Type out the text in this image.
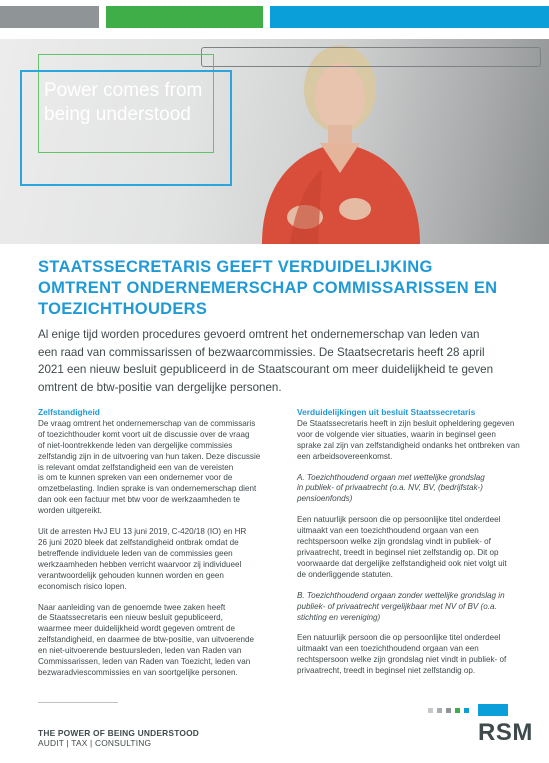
Power comes from
being understood
STAATSSECRETARIS GEEFT VERDUIDELIJKING
OMTRENT ONDERNEMERSCHAP COMMISSARISSEN EN
TOEZICHTHOUDERS
Al enige tijd worden procedures gevoerd omtrent het ondernemerschap van leden van
een raad van commissarissen of bezwaarcommissies. De Staatsecretaris heeft 28 april
2021 een nieuw besluit gepubliceerd in de Staatscourant om meer duidelijkheid te geven
omtrent de btw-positie van dergelijke personen.
Zelfstandigheid

De vraag omtrent het ondernemerschap van de commissaris
of toezichthouder komt voort uit de discussie over de vraag
of niet-loontrekkende leden van dergelijke commissies
zelfstandig zijn in de uitvoering van hun taken. Deze discussie
is relevant omdat zelfstandigheid een van de vereisten
is om te kunnen spreken van een ondernemer voor de
omzetbelasting. Indien sprake is van ondernemerschap dient
dan ook een factuur met btw voor de werkzaamheden te
worden uitgereikt.

Uit de arresten HvJ EU 13 juni 2019, C-420/18 (IO) en HR
26 juni 2020 bleek dat zelfstandigheid ontbrak omdat de
betreffende individuele leden van de commissies geen
werkzaamheden hebben verricht waarvoor zij individueel
verantwoordelijk gehouden kunnen worden en geen
economisch risico lopen.

Naar aanleiding van de genoemde twee zaken heeft
de Staatssecretaris een nieuw besluit gepubliceerd,
waarmee meer duidelijkheid wordt gegeven omtrent de
zelfstandigheid, en daarmee de btw-positie, van uitvoerende
en niet-uitvoerende bestuursleden, leden van Raden van
Commissarissen, leden van Raden van Toezicht, leden van
bezwaradviescommissies en van soortgelijke personen.

Verduidelijkingen uit besluit Staatssecretaris

De Staatssecretaris heeft in zijn besluit opheldering gegeven
voor de volgende vier situaties, waarin in beginsel geen
sprake zal zijn van zelfstandigheid ondanks het ontbreken van
een arbeidsovereenkomst.

A. Toezichthoudend orgaan met wettelijke grondslag
in publiek- of privaatrecht (o.a. NV, BV, (bedrijfstak-)
pensioenfonds)

Een natuurlijk persoon die op persoonlijke titel onderdeel
uitmaakt van een toezichthoudend orgaan van een
rechtspersoon welke zijn grondslag vindt in publiek- of
privaatrecht, treedt in beginsel niet zelfstandig op. Dit op
voorwaarde dat dergelijke zelfstandigheid ook niet volgt uit
de onderliggende statuten.

B. Toezichthoudend orgaan zonder wettelijke grondslag in
publiek- of privaatrecht vergelijkbaar met NV of BV (o.a.
stichting en vereniging)

Een natuurlijk persoon die op persoonlijke titel onderdeel
uitmaakt van een toezichthoudend orgaan van een
rechtspersoon welke zijn grondslag niet vindt in publiek- of
privaatrecht, treedt in beginsel niet zelfstandig op.

THE POWER OF BEING UNDERSTOOD
AUDIT | TAX | CONSULTING	RSM
